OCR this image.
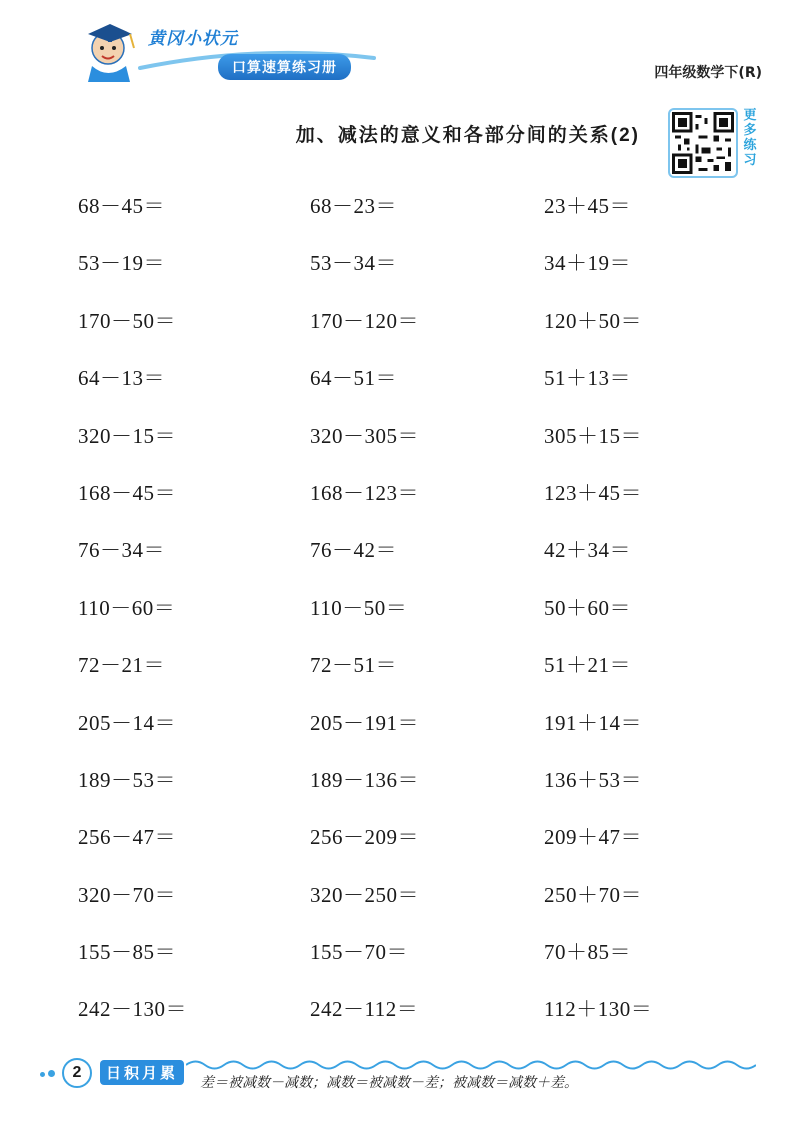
黄冈小状元
口算速算练习册	四年级数学下(R)
加、减法的意义和各部分间的关系(2)
更
多
练
习
68－45＝	68－23＝	23＋45＝
53－19＝	53－34＝	34＋19＝
170－50＝	170－120＝	120＋50＝
64－13＝	64－51＝	51＋13＝
320－15＝	320－305＝	305＋15＝
168－45＝	168－123＝	123＋45＝
76－34＝	76－42＝	42＋34＝
110－60＝	110－50＝	50＋60＝
72－21＝	72－51＝	51＋21＝
205－14＝	205－191＝	191＋14＝
189－53＝	189－136＝	136＋53＝
256－47＝	256－209＝	209＋47＝
320－70＝	320－250＝	250＋70＝
155－85＝	155－70＝	70＋85＝
242－130＝	242－112＝	112＋130＝
2	日积月累
差＝被减数－减数；减数＝被减数－差；被减数＝减数＋差。
